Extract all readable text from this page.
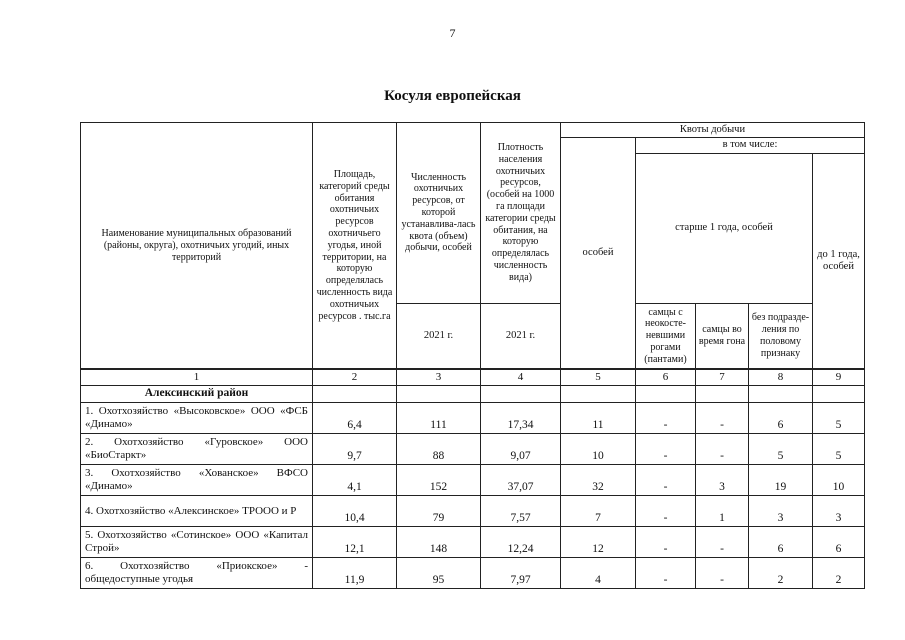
7
Косуля европейская
Наименование муниципальных образований (районы, округа), охотничьих угодий, иных территорий	Площадь, категорий среды обитания охотничьих ресурсов охотничьего угодья, иной территории, на которую определялась численность вида охотничьих ресурсов . тыс.га	Численность охотничьих ресурсов, от которой устанавлива-лась квота (объем) добычи, особей	Плотность населения охотничьих ресурсов, (особей на 1000 га площади категории среды обитания, на которую определялась численность вида)	Квоты добычи				
				особей	в том числе:			
					старше 1 года, особей			до 1 года, особей
		2021 г.	2021 г.		самцы с неокосте-невшими рогами (пантами)	самцы во время гона	без подразде-ления по половому признаку	
1	2	3	4	5	6	7	8	9
Алексинский район								
1. Охотхозяйство «Высоковское» ООО «ФСБ «Динамо»	6,4	111	17,34	11	-	-	6	5
2. Охотхозяйство «Гуровское» ООО «БиоСтаркт»	9,7	88	9,07	10	-	-	5	5
3. Охотхозяйство «Хованское» ВФСО «Динамо»	4,1	152	37,07	32	-	3	19	10
4. Охотхозяйство «Алексинское» ТРООО и Р	10,4	79	7,57	7	-	1	3	3
5. Охотхозяйство «Сотинское» ООО «Капитал Строй»	12,1	148	12,24	12	-	-	6	6
6. Охотхозяйство «Приокское» - общедоступные угодья	11,9	95	7,97	4	-	-	2	2
